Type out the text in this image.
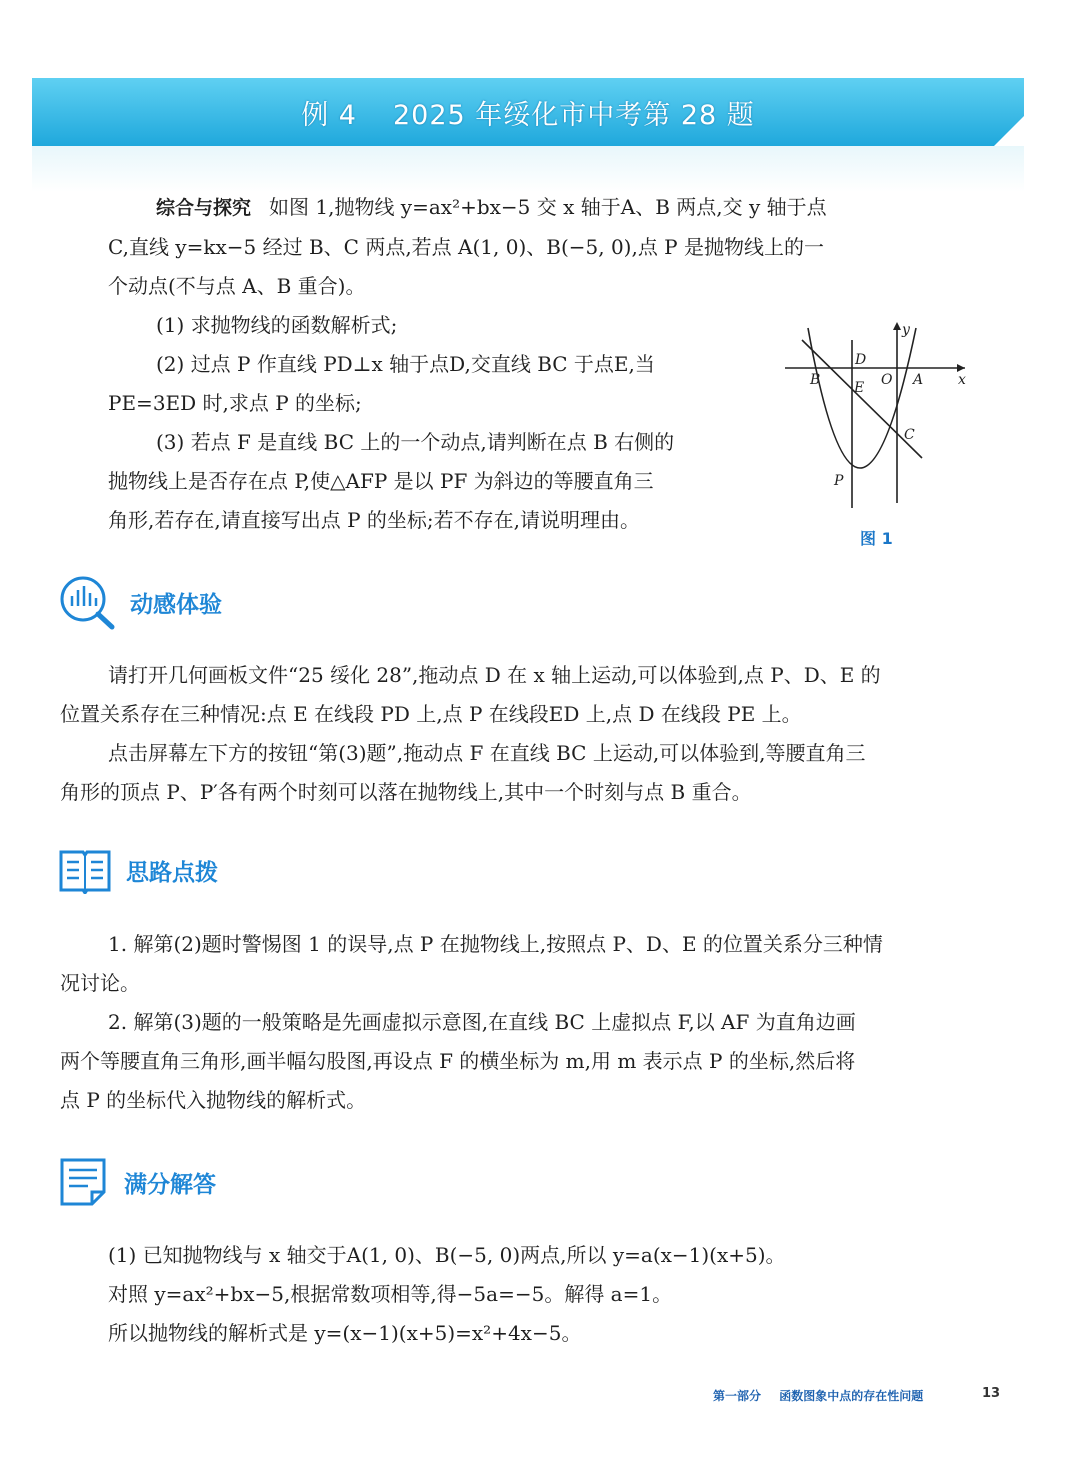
例 4 2025 年绥化市中考第 28 题

综合与探究 如图 1,抛物线 y=ax²+bx−5 交 x 轴于A、B 两点,交 y 轴于点

C,直线 y=kx−5 经过 B、C 两点,若点 A(1, 0)、B(−5, 0),点 P 是抛物线上的一

个动点(不与点 A、B 重合)。

(1) 求抛物线的函数解析式;

(2) 过点 P 作直线 PD⊥x 轴于点D,交直线 BC 于点E,当

PE=3ED 时,求点 P 的坐标;

(3) 若点 F 是直线 BC 上的一个动点,请判断在点 B 右侧的

抛物线上是否存在点 P,使△AFP 是以 PF 为斜边的等腰直角三

角形,若存在,请直接写出点 P 的坐标;若不存在,请说明理由。

y
x
D
B E O A
C
P
图 1
动感体验

请打开几何画板文件“25 绥化 28”,拖动点 D 在 x 轴上运动,可以体验到,点 P、D、E 的

位置关系存在三种情况:点 E 在线段 PD 上,点 P 在线段ED 上,点 D 在线段 PE 上。

点击屏幕左下方的按钮“第(3)题”,拖动点 F 在直线 BC 上运动,可以体验到,等腰直角三

角形的顶点 P、P′各有两个时刻可以落在抛物线上,其中一个时刻与点 B 重合。

思路点拨

1. 解第(2)题时警惕图 1 的误导,点 P 在抛物线上,按照点 P、D、E 的位置关系分三种情

况讨论。

2. 解第(3)题的一般策略是先画虚拟示意图,在直线 BC 上虚拟点 F,以 AF 为直角边画

两个等腰直角三角形,画半幅勾股图,再设点 F 的横坐标为 m,用 m 表示点 P 的坐标,然后将

点 P 的坐标代入抛物线的解析式。

满分解答

(1) 已知抛物线与 x 轴交于A(1, 0)、B(−5, 0)两点,所以 y=a(x−1)(x+5)。

对照 y=ax²+bx−5,根据常数项相等,得−5a=−5。解得 a=1。

所以抛物线的解析式是 y=(x−1)(x+5)=x²+4x−5。

第一部分 函数图象中点的存在性问题	13
